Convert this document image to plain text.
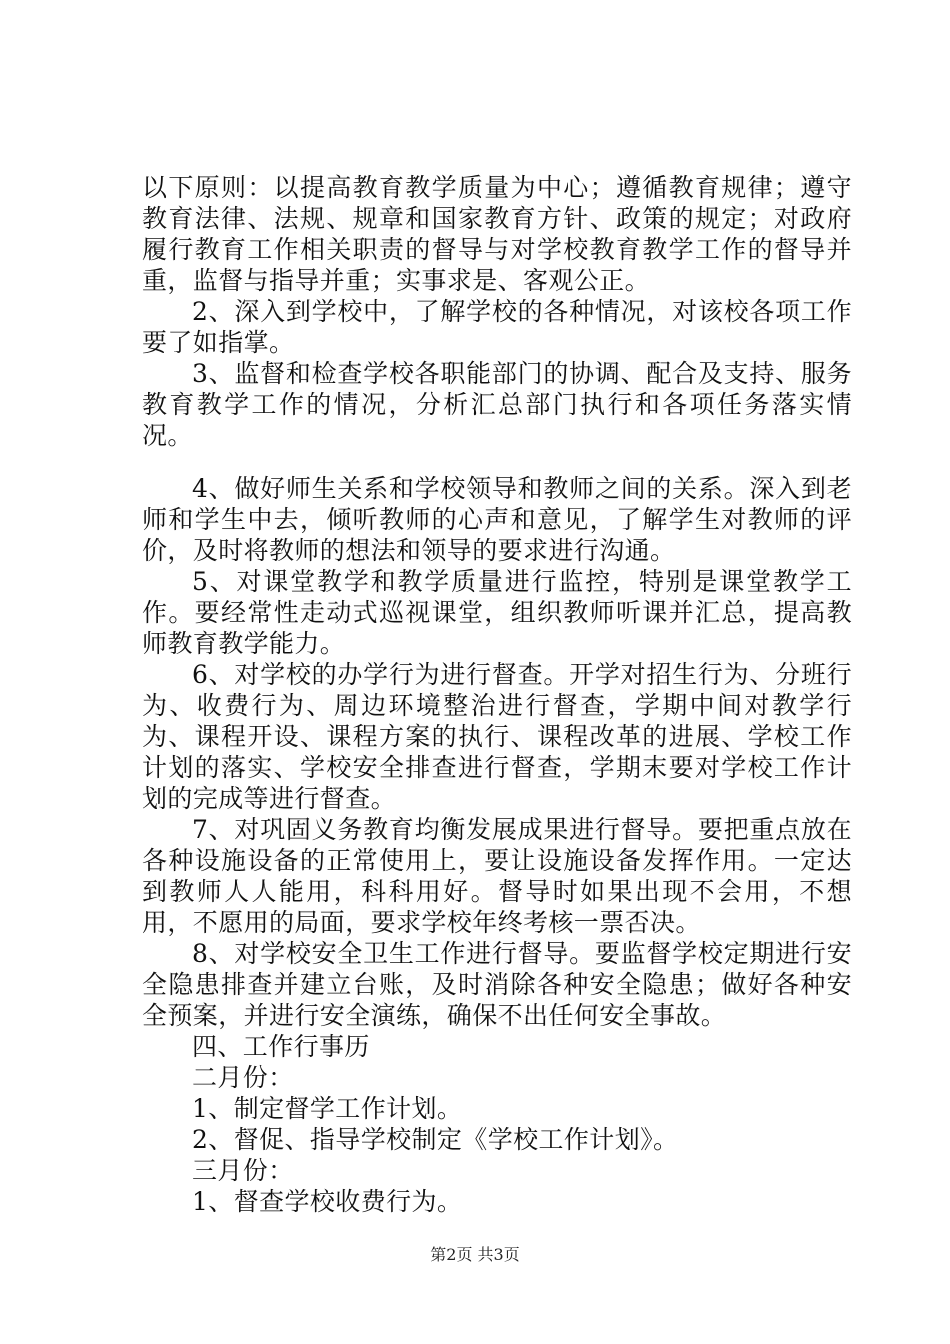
以下原则：以提高教育教学质量为中心；遵循教育规律；遵守教育法律、法规、规章和国家教育方针、政策的规定；对政府履行教育工作相关职责的督导与对学校教育教学工作的督导并重，监督与指导并重；实事求是、客观公正。

2、深入到学校中，了解学校的各种情况，对该校各项工作要了如指掌。

3、监督和检查学校各职能部门的协调、配合及支持、服务教育教学工作的情况，分析汇总部门执行和各项任务落实情况。

4、做好师生关系和学校领导和教师之间的关系。深入到老师和学生中去，倾听教师的心声和意见，了解学生对教师的评价，及时将教师的想法和领导的要求进行沟通。

5、对课堂教学和教学质量进行监控，特别是课堂教学工作。要经常性走动式巡视课堂，组织教师听课并汇总，提高教师教育教学能力。

6、对学校的办学行为进行督查。开学对招生行为、分班行为、收费行为、周边环境整治进行督查，学期中间对教学行为、课程开设、课程方案的执行、课程改革的进展、学校工作计划的落实、学校安全排查进行督查，学期末要对学校工作计划的完成等进行督查。

7、对巩固义务教育均衡发展成果进行督导。要把重点放在各种设施设备的正常使用上，要让设施设备发挥作用。一定达到教师人人能用，科科用好。督导时如果出现不会用，不想用，不愿用的局面，要求学校年终考核一票否决。

8、对学校安全卫生工作进行督导。要监督学校定期进行安全隐患排查并建立台账，及时消除各种安全隐患；做好各种安全预案，并进行安全演练，确保不出任何安全事故。

四、工作行事历

二月份：

1、制定督学工作计划。

2、督促、指导学校制定《学校工作计划》。

三月份：

1、督查学校收费行为。

第2页 共3页
